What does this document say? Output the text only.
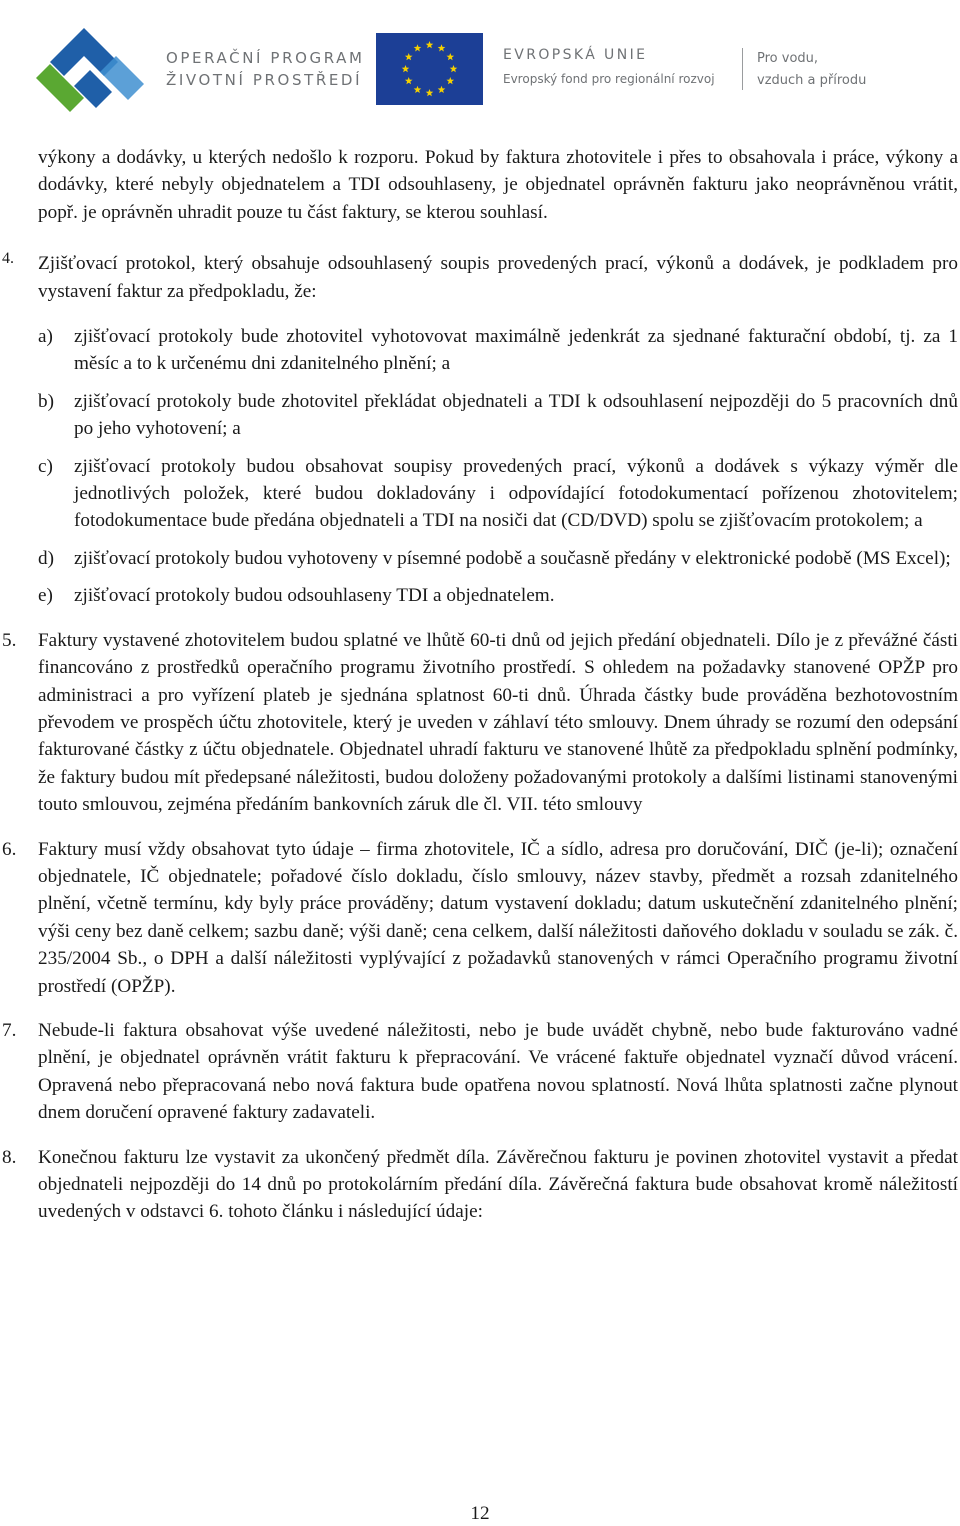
OPERAČNÍ PROGRAM
ŽIVOTNÍ PROSTŘEDÍ
EVROPSKÁ UNIE
Evropský fond pro regionální rozvoj
Pro vodu,
vzduch a přírodu

výkony a dodávky, u kterých nedošlo k rozporu. Pokud by faktura zhotovitele i přes to obsahovala i práce, výkony a dodávky, které nebyly objednatelem a TDI odsouhlaseny, je objednatel oprávněn fakturu jako neoprávněnou vrátit, popř. je oprávněn uhradit pouze tu část faktury, se kterou souhlasí.

4. Zjišťovací protokol, který obsahuje odsouhlasený soupis provedených prací, výkonů a dodávek, je podkladem pro vystavení faktur za předpokladu, že:

a) zjišťovací protokoly bude zhotovitel vyhotovovat maximálně jedenkrát za sjednané fakturační období, tj. za 1 měsíc a to k určenému dni zdanitelného plnění; a

b) zjišťovací protokoly bude zhotovitel překládat objednateli a TDI k odsouhlasení nejpozději do 5 pracovních dnů po jeho vyhotovení; a

c) zjišťovací protokoly budou obsahovat soupisy provedených prací, výkonů a dodávek s výkazy výměr dle jednotlivých položek, které budou dokladovány i odpovídající fotodokumentací pořízenou zhotovitelem; fotodokumentace bude předána objednateli a TDI na nosiči dat (CD/DVD) spolu se zjišťovacím protokolem; a

d) zjišťovací protokoly budou vyhotoveny v písemné podobě a současně předány v elektronické podobě (MS Excel);

e) zjišťovací protokoly budou odsouhlaseny TDI a objednatelem.

5. Faktury vystavené zhotovitelem budou splatné ve lhůtě 60-ti dnů od jejich předání objednateli. Dílo je z převážné části financováno z prostředků operačního programu životního prostředí. S ohledem na požadavky stanovené OPŽP pro administraci a pro vyřízení plateb je sjednána splatnost 60-ti dnů. Úhrada částky bude prováděna bezhotovostním převodem ve prospěch účtu zhotovitele, který je uveden v záhlaví této smlouvy. Dnem úhrady se rozumí den odepsání fakturované částky z účtu objednatele. Objednatel uhradí fakturu ve stanovené lhůtě za předpokladu splnění podmínky, že faktury budou mít předepsané náležitosti, budou doloženy požadovanými protokoly a dalšími listinami stanovenými touto smlouvou, zejména předáním bankovních záruk dle čl. VII. této smlouvy

6. Faktury musí vždy obsahovat tyto údaje – firma zhotovitele, IČ a sídlo, adresa pro doručování, DIČ (je-li); označení objednatele, IČ objednatele; pořadové číslo dokladu, číslo smlouvy, název stavby, předmět a rozsah zdanitelného plnění, včetně termínu, kdy byly práce prováděny; datum vystavení dokladu; datum uskutečnění zdanitelného plnění; výši ceny bez daně celkem; sazbu daně; výši daně; cena celkem, další náležitosti daňového dokladu v souladu se zák. č. 235/2004 Sb., o DPH a další náležitosti vyplývající z požadavků stanovených v rámci Operačního programu životní prostředí (OPŽP).

7. Nebude-li faktura obsahovat výše uvedené náležitosti, nebo je bude uvádět chybně, nebo bude fakturováno vadné plnění, je objednatel oprávněn vrátit fakturu k přepracování. Ve vrácené faktuře objednatel vyznačí důvod vrácení. Opravená nebo přepracovaná nebo nová faktura bude opatřena novou splatností. Nová lhůta splatnosti začne plynout dnem doručení opravené faktury zadavateli.

8. Konečnou fakturu lze vystavit za ukončený předmět díla. Závěrečnou fakturu je povinen zhotovitel vystavit a předat objednateli nejpozději do 14 dnů po protokolárním předání díla. Závěrečná faktura bude obsahovat kromě náležitostí uvedených v odstavci 6. tohoto článku i následující údaje:

12
